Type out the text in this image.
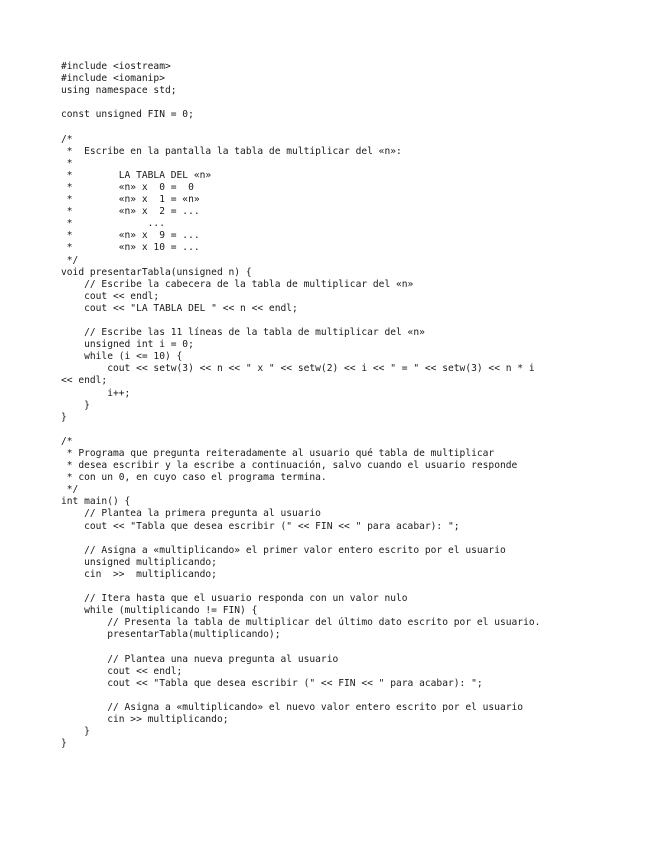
#include <iostream>
#include <iomanip>
using namespace std;
const unsigned FIN = 0;
/*
*  Escribe en la pantalla la tabla de multiplicar del «n»:
*
*        LA TABLA DEL «n»
*        «n» x  0 =  0
*        «n» x  1 = «n»
*        «n» x  2 = ...
*             ...
*        «n» x  9 = ...
*        «n» x 10 = ...
*/
void presentarTabla(unsigned n) {
// Escribe la cabecera de la tabla de multiplicar del «n»
cout << endl;
cout << "LA TABLA DEL " << n << endl;
// Escribe las 11 líneas de la tabla de multiplicar del «n»
unsigned int i = 0;
while (i <= 10) {
cout << setw(3) << n << " x " << setw(2) << i << " = " << setw(3) << n * i
<< endl;
i++;
}
}
/*
* Programa que pregunta reiteradamente al usuario qué tabla de multiplicar
* desea escribir y la escribe a continuación, salvo cuando el usuario responde
* con un 0, en cuyo caso el programa termina.
*/
int main() {
// Plantea la primera pregunta al usuario
cout << "Tabla que desea escribir (" << FIN << " para acabar): ";
// Asigna a «multiplicando» el primer valor entero escrito por el usuario
unsigned multiplicando;
cin  >>  multiplicando;
// Itera hasta que el usuario responda con un valor nulo
while (multiplicando != FIN) {
// Presenta la tabla de multiplicar del último dato escrito por el usuario.
presentarTabla(multiplicando);
// Plantea una nueva pregunta al usuario
cout << endl;
cout << "Tabla que desea escribir (" << FIN << " para acabar): ";
// Asigna a «multiplicando» el nuevo valor entero escrito por el usuario
cin >> multiplicando;
}
}
